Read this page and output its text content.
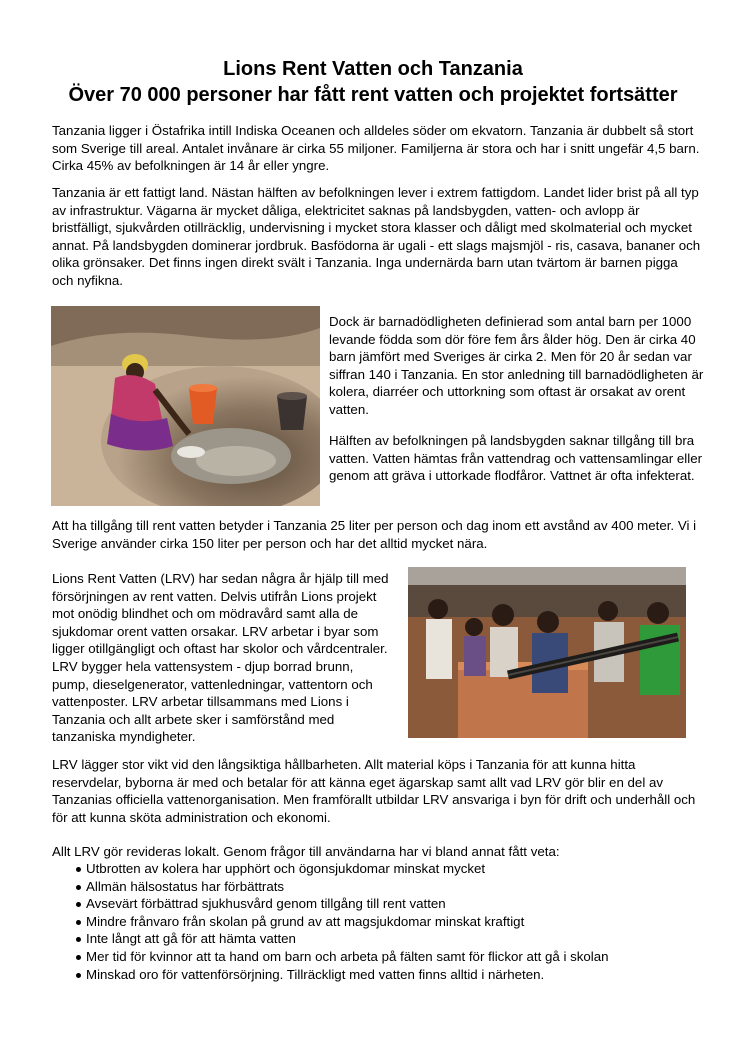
Lions Rent Vatten och Tanzania
Över 70 000 personer har fått rent vatten och projektet fortsätter

Tanzania ligger i Östafrika intill Indiska Oceanen och alldeles söder om ekvatorn. Tanzania är dubbelt så stort som Sverige till areal. Antalet invånare är cirka 55 miljoner. Familjerna är stora och har i snitt ungefär 4,5 barn. Cirka 45% av befolkningen är 14 år eller yngre.

Tanzania är ett fattigt land. Nästan hälften av befolkningen lever i extrem fattigdom. Landet lider brist på all typ av infrastruktur. Vägarna är mycket dåliga, elektricitet saknas på landsbygden, vatten- och avlopp är bristfälligt, sjukvården otillräcklig, undervisning i mycket stora klasser och dåligt med skolmaterial och mycket annat. På landsbygden dominerar jordbruk. Basfödorna är ugali - ett slags majsmjöl - ris, casava, bananer och olika grönsaker. Det finns ingen direkt svält i Tanzania. Inga undernärda barn utan tvärtom är barnen pigga och nyfikna.

Dock är barnadödligheten definierad som antal barn per 1000 levande födda som dör före fem års ålder hög. Den är cirka 40 barn jämfört med Sveriges är cirka 2. Men för 20 år sedan var siffran 140 i Tanzania. En stor anledning till barnadödligheten är kolera, diarréer och uttorkning som oftast är orsakat av orent vatten.

Hälften av befolkningen på landsbygden saknar tillgång till bra vatten. Vatten hämtas från vattendrag och vattensamlingar eller genom att gräva i uttorkade flodfåror. Vattnet är ofta infekterat.

Att ha tillgång till rent vatten betyder i Tanzania 25 liter per person och dag inom ett avstånd av 400 meter. Vi i Sverige använder cirka 150 liter per person och har det alltid mycket nära.

Lions Rent Vatten (LRV) har sedan några år hjälp till med försörjningen av rent vatten. Delvis utifrån Lions projekt mot onödig blindhet och om mödravård samt alla de sjukdomar orent vatten orsakar. LRV arbetar i byar som ligger otillgängligt och oftast har skolor och vårdcentraler. LRV bygger hela vattensystem - djup borrad brunn, pump, dieselgenerator, vattenledningar, vattentorn och vattenposter. LRV arbetar tillsammans med Lions i Tanzania och allt arbete sker i samförstånd med tanzaniska myndigheter.

LRV lägger stor vikt vid den långsiktiga hållbarheten. Allt material köps i Tanzania för att kunna hitta reservdelar, byborna är med och betalar för att känna eget ägarskap samt allt vad LRV gör blir en del av Tanzanias officiella vattenorganisation. Men framförallt utbildar LRV ansvariga i byn för drift och underhåll och för att kunna sköta administration och ekonomi.

Allt LRV gör revideras lokalt. Genom frågor till användarna har vi bland annat fått veta:

Utbrotten av kolera har upphört och ögonsjukdomar minskat mycket
Allmän hälsostatus har förbättrats
Avsevärt förbättrad sjukhusvård genom tillgång till rent vatten
Mindre frånvaro från skolan på grund av att magsjukdomar minskat kraftigt
Inte långt att gå för att hämta vatten
Mer tid för kvinnor att ta hand om barn och arbeta på fälten samt för flickor att gå i skolan
Minskad oro för vattenförsörjning. Tillräckligt med vatten finns alltid i närheten.
